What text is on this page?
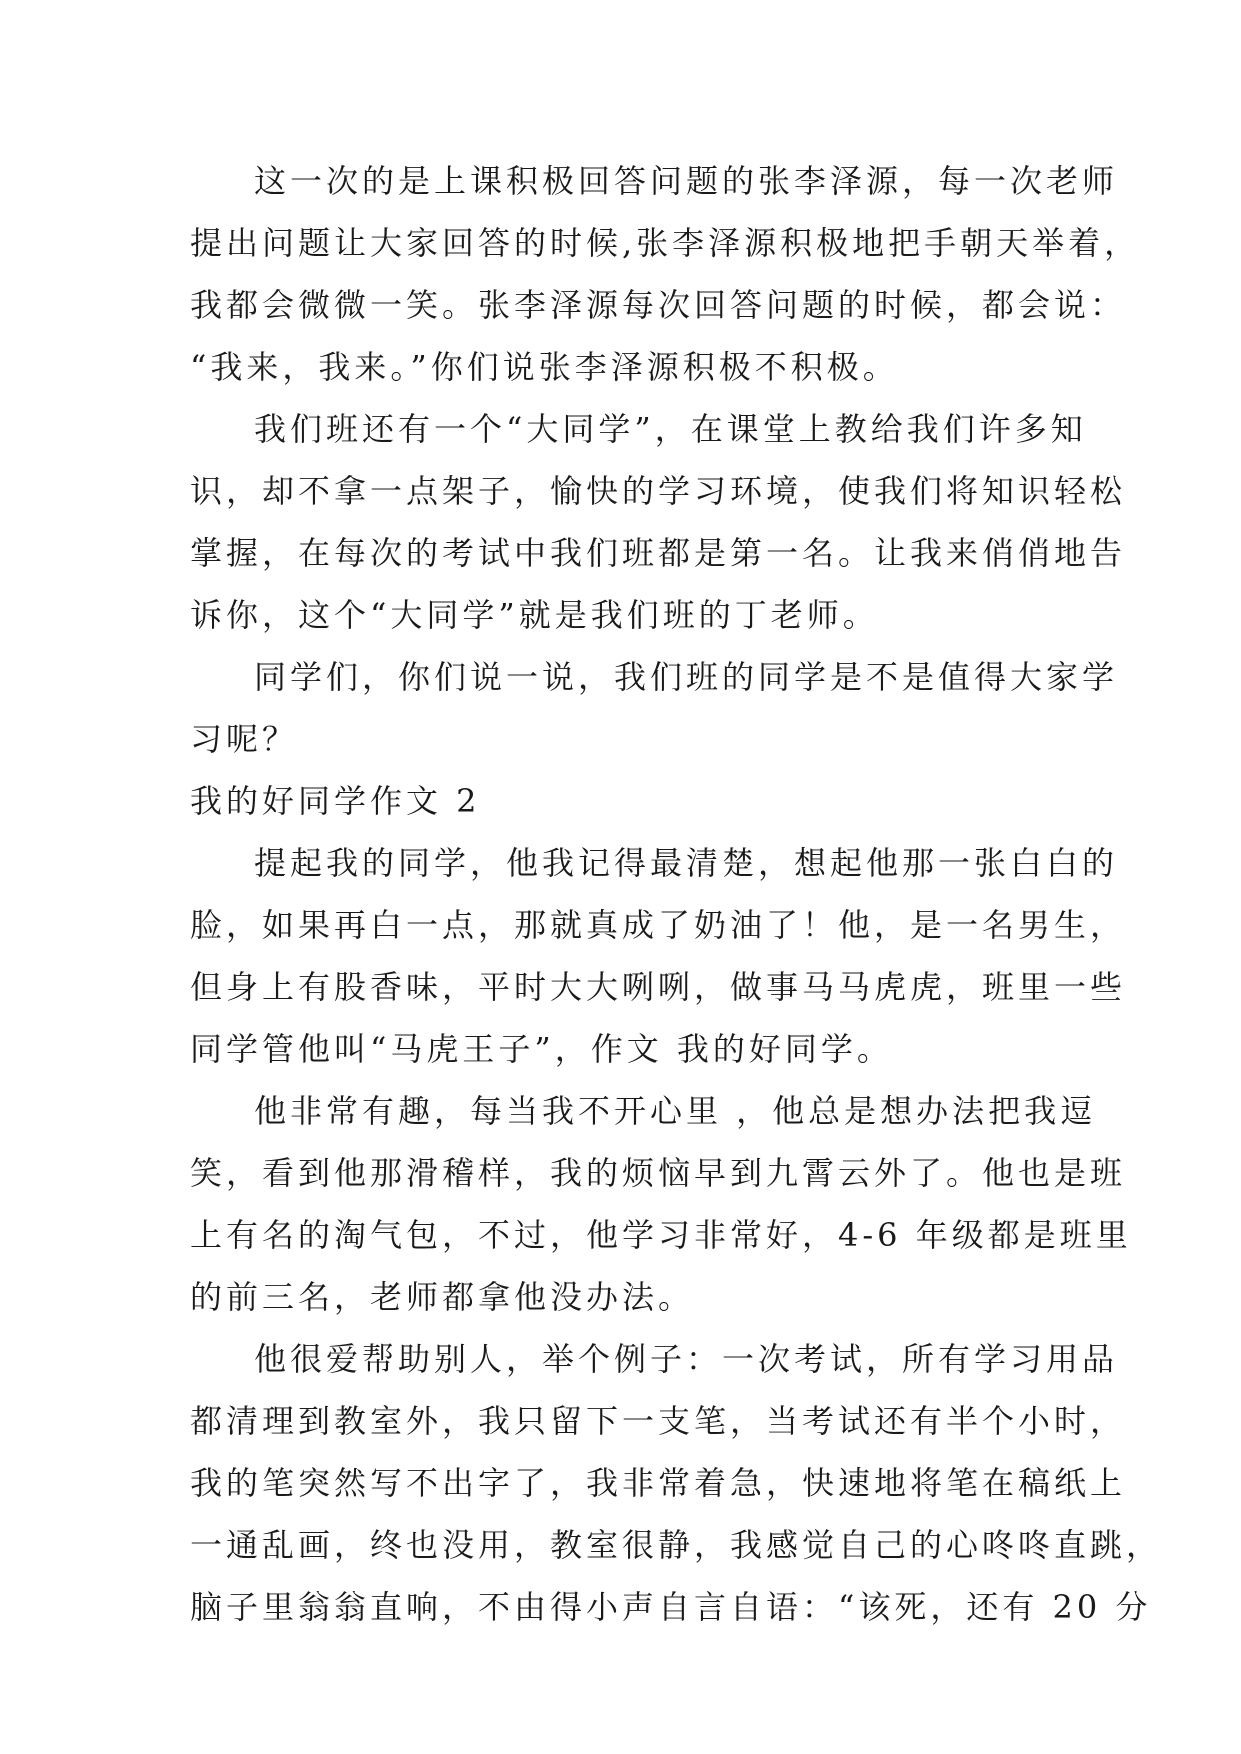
这一次的是上课积极回答问题的张李泽源，每一次老师
提出问题让大家回答的时候,张李泽源积极地把手朝天举着，
我都会微微一笑。张李泽源每次回答问题的时候，都会说：
“我来，我来。”你们说张李泽源积极不积极。
我们班还有一个“大同学”，在课堂上教给我们许多知
识，却不拿一点架子，愉快的学习环境，使我们将知识轻松
掌握，在每次的考试中我们班都是第一名。让我来俏俏地告
诉你，这个“大同学”就是我们班的丁老师。
同学们，你们说一说，我们班的同学是不是值得大家学
习呢？
我的好同学作文 2
提起我的同学，他我记得最清楚，想起他那一张白白的
脸，如果再白一点，那就真成了奶油了！他，是一名男生，
但身上有股香味，平时大大咧咧，做事马马虎虎，班里一些
同学管他叫“马虎王子”，作文 我的好同学。
他非常有趣，每当我不开心里 ，他总是想办法把我逗
笑，看到他那滑稽样，我的烦恼早到九霄云外了。他也是班
上有名的淘气包，不过，他学习非常好，4-6 年级都是班里
的前三名，老师都拿他没办法。
他很爱帮助别人，举个例子：一次考试，所有学习用品
都清理到教室外，我只留下一支笔，当考试还有半个小时，
我的笔突然写不出字了，我非常着急，快速地将笔在稿纸上
一通乱画，终也没用，教室很静，我感觉自己的心咚咚直跳，
脑子里翁翁直响，不由得小声自言自语：“该死，还有 20 分
